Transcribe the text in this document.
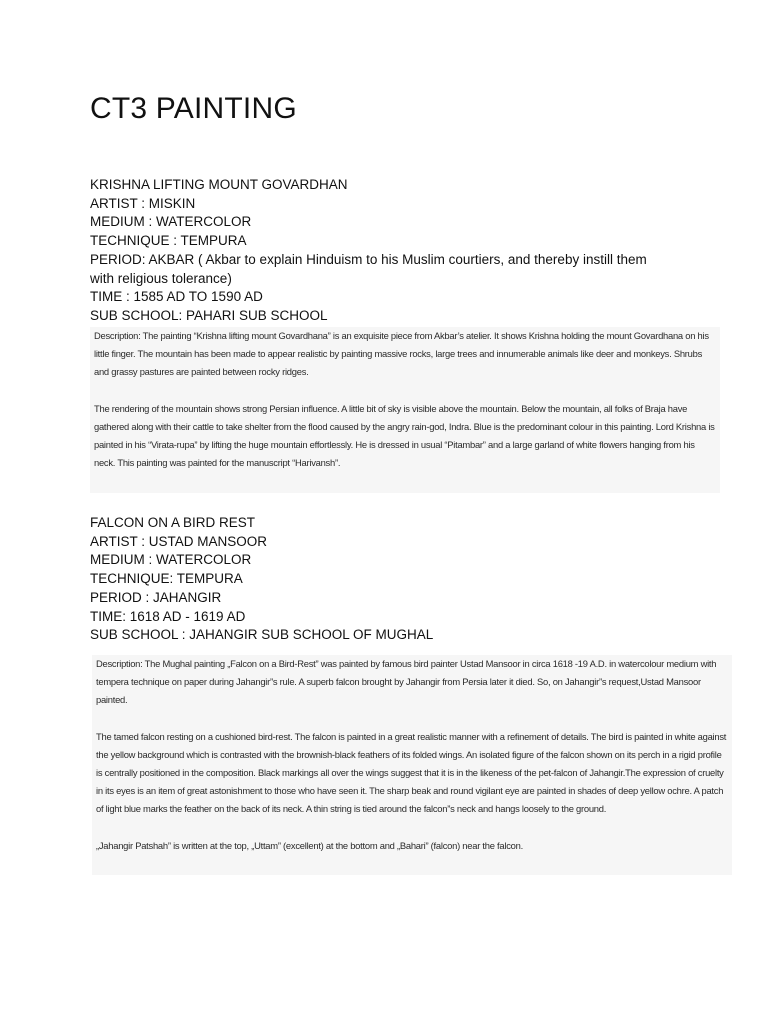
CT3 PAINTING
KRISHNA LIFTING MOUNT GOVARDHAN
ARTIST : MISKIN
MEDIUM : WATERCOLOR
TECHNIQUE : TEMPURA
PERIOD: AKBAR ( Akbar to explain Hinduism to his Muslim courtiers, and thereby instill them
with religious tolerance)
TIME : 1585 AD TO 1590 AD
SUB SCHOOL: PAHARI SUB SCHOOL

Description: The painting “Krishna lifting mount Govardhana” is an exquisite piece from Akbar’s atelier. It shows Krishna holding the mount Govardhana on his little finger. The mountain has been made to appear realistic by painting massive rocks, large trees and innumerable animals like deer and monkeys. Shrubs and grassy pastures are painted between rocky ridges.

The rendering of the mountain shows strong Persian influence. A little bit of sky is visible above the mountain. Below the mountain, all folks of Braja have gathered along with their cattle to take shelter from the flood caused by the angry rain-god, Indra. Blue is the predominant colour in this painting. Lord Krishna is painted in his “Virata-rupa” by lifting the huge mountain effortlessly. He is dressed in usual “Pitambar” and a large garland of white flowers hanging from his neck. This painting was painted for the manuscript “Harivansh”.

FALCON ON A BIRD REST
ARTIST : USTAD MANSOOR
MEDIUM : WATERCOLOR
TECHNIQUE: TEMPURA
PERIOD : JAHANGIR
TIME: 1618 AD - 1619 AD
SUB SCHOOL : JAHANGIR SUB SCHOOL OF MUGHAL

Description: The Mughal painting „Falcon on a Bird-Rest” was painted by famous bird painter Ustad Mansoor in circa 1618 -19 A.D. in watercolour medium with tempera technique on paper during Jahangir”s rule. A superb falcon brought by Jahangir from Persia later it died. So, on Jahangir”s request,Ustad Mansoor painted.

The tamed falcon resting on a cushioned bird-rest. The falcon is painted in a great realistic manner with a refinement of details. The bird is painted in white against the yellow background which is contrasted with the brownish-black feathers of its folded wings. An isolated figure of the falcon shown on its perch in a rigid profile is centrally positioned in the composition. Black markings all over the wings suggest that it is in the likeness of the pet-falcon of Jahangir.The expression of cruelty in its eyes is an item of great astonishment to those who have seen it. The sharp beak and round vigilant eye are painted in shades of deep yellow ochre. A patch of light blue marks the feather on the back of its neck. A thin string is tied around the falcon”s neck and hangs loosely to the ground.

„Jahangir Patshah” is written at the top, „Uttam” (excellent) at the bottom and „Bahari” (falcon) near the falcon.
